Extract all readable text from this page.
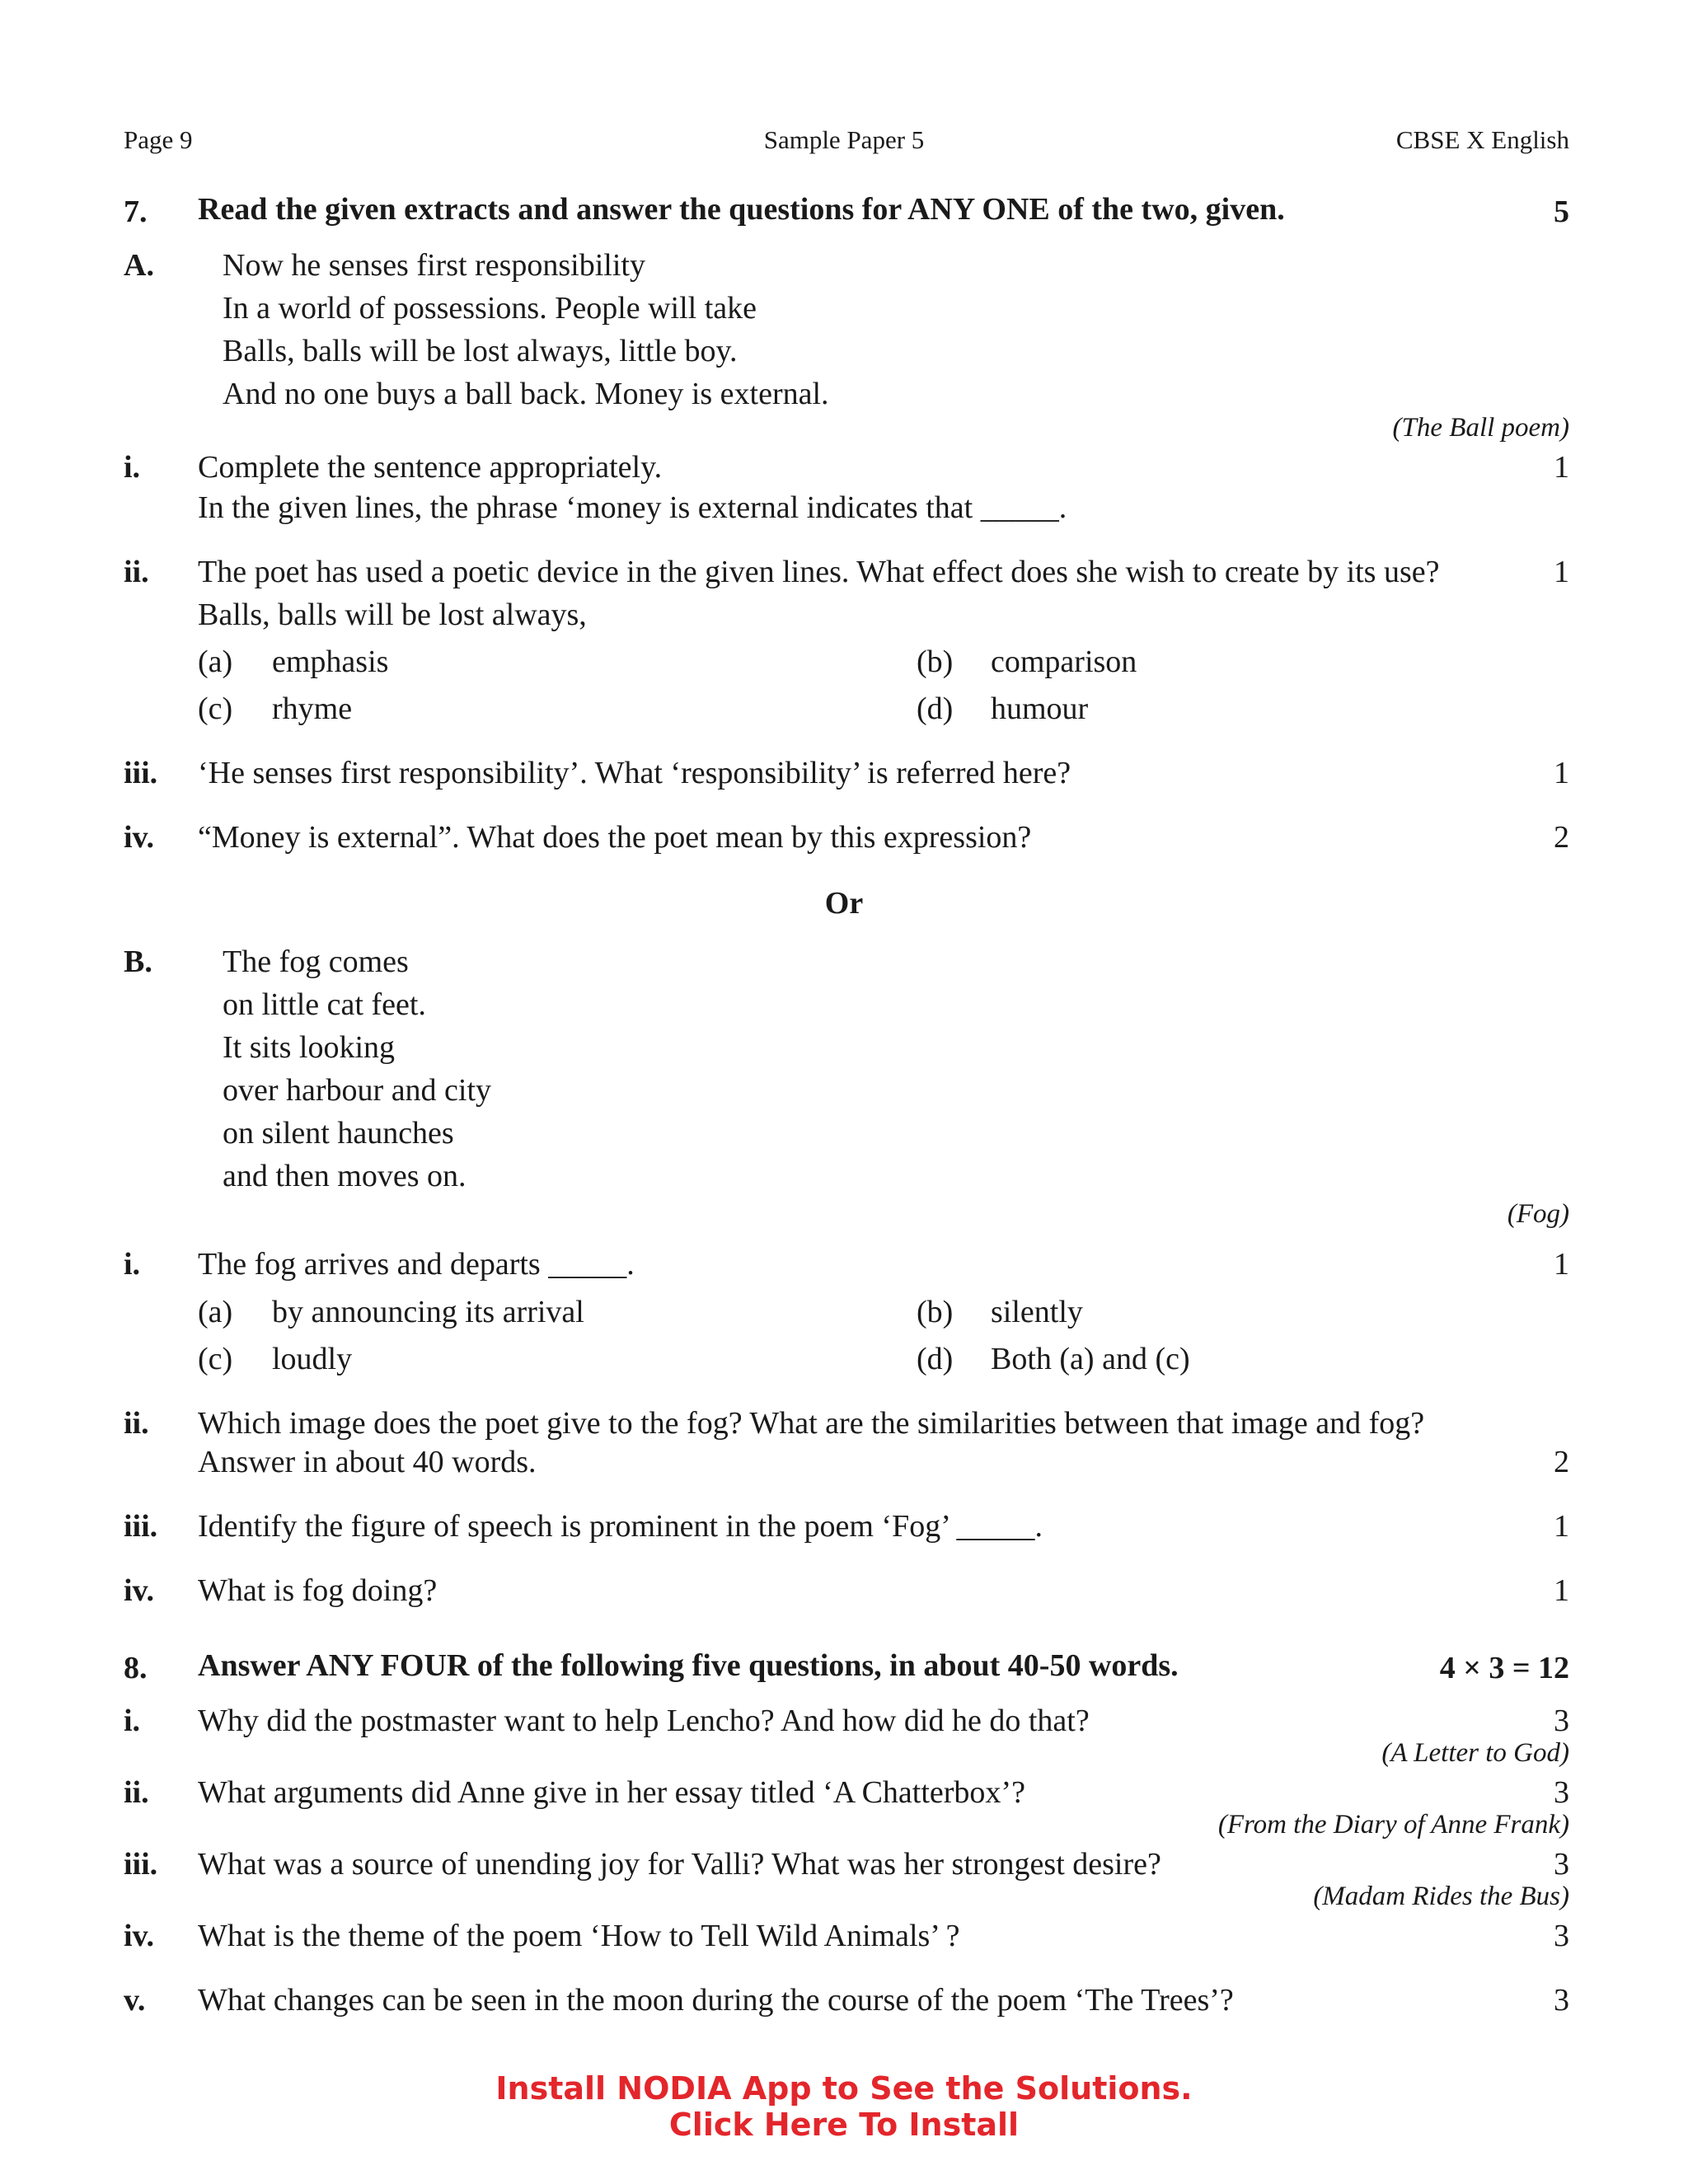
Page 9	Sample Paper 5	CBSE X English
7. Read the given extracts and answer the questions for ANY ONE of the two, given.	5
A. Now he senses first responsibility
In a world of possessions. People will take
Balls, balls will be lost always, little boy.
And no one buys a ball back. Money is external.
(The Ball poem)
i. Complete the sentence appropriately.	1
In the given lines, the phrase ‘money is external indicates that _____.
ii. The poet has used a poetic device in the given lines. What effect does she wish to create by its use?	1
Balls, balls will be lost always,
(a) emphasis	(b) comparison
(c) rhyme	(d) humour
iii. ‘He senses first responsibility’. What ‘responsibility’ is referred here?	1
iv. “Money is external”. What does the poet mean by this expression?	2
Or
B. The fog comes
on little cat feet.
It sits looking
over harbour and city
on silent haunches
and then moves on.
(Fog)
i. The fog arrives and departs _____.	1
(a) by announcing its arrival	(b) silently
(c) loudly	(d) Both (a) and (c)
ii. Which image does the poet give to the fog? What are the similarities between that image and fog?
Answer in about 40 words.	2
iii. Identify the figure of speech is prominent in the poem ‘Fog’ _____.	1
iv. What is fog doing?	1
8. Answer ANY FOUR of the following five questions, in about 40-50 words.	4 × 3 = 12
i. Why did the postmaster want to help Lencho? And how did he do that?	3
(A Letter to God)
ii. What arguments did Anne give in her essay titled ‘A Chatterbox’?	3
(From the Diary of Anne Frank)
iii. What was a source of unending joy for Valli? What was her strongest desire?	3
(Madam Rides the Bus)
iv. What is the theme of the poem ‘How to Tell Wild Animals’ ?	3
v. What changes can be seen in the moon during the course of the poem ‘The Trees’?	3
Install NODIA App to See the Solutions.
Click Here To Install
